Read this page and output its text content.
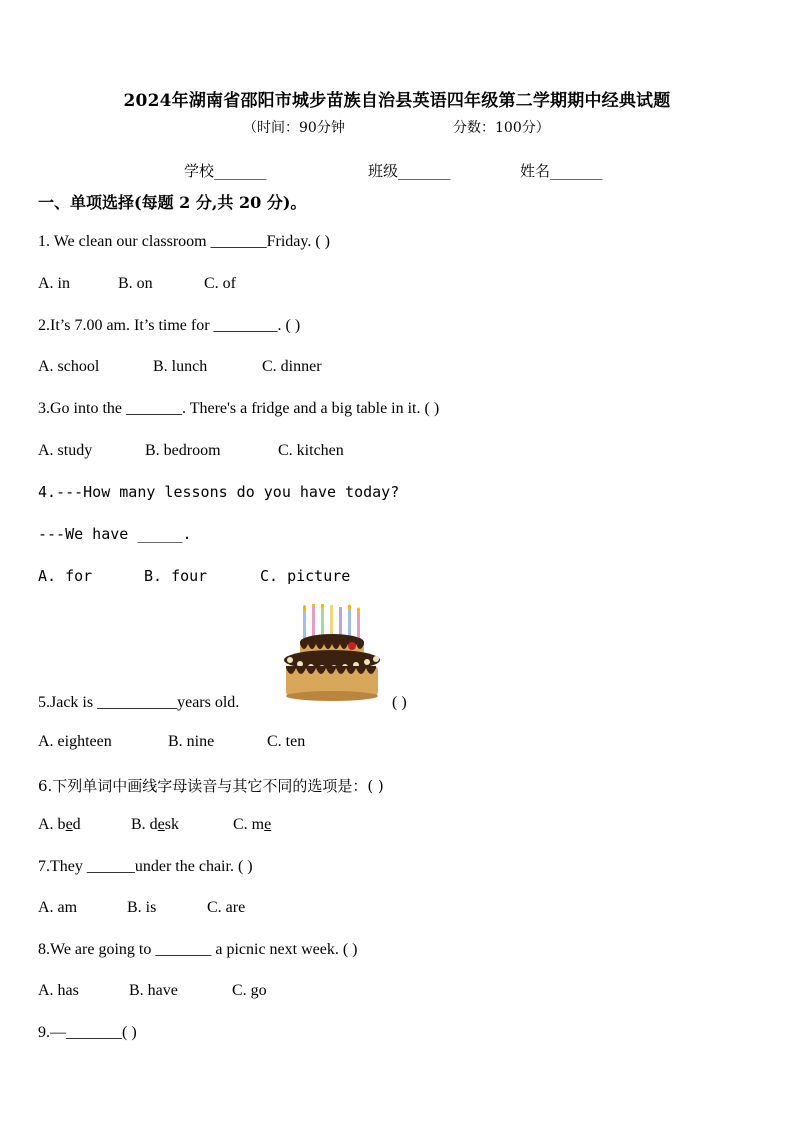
2024年湖南省邵阳市城步苗族自治县英语四年级第二学期期中经典试题
（时间：90分钟	分数：100分）
学校_______	班级_______	姓名_______
一、单项选择(每题 2 分,共 20 分)。
1. We clean our classroom _______Friday. ( )
A. in	B. on	C. of
2.It’s 7.00 am. It’s time for ________. ( )
A. school	B. lunch	C. dinner
3.Go into the _______. There's a fridge and a big table in it. ( )
A. study	B. bedroom	C. kitchen
4.---How many lessons do you have today?
---We have _____.
A. for	B. four	C. picture
5.Jack is __________years old.	( )
A. eighteen	B. nine	C. ten
6.下列单词中画线字母读音与其它不同的选项是：( )
A. bed	B. desk	C. me
7.They ______under the chair. ( )
A. am	B. is	C. are
8.We are going to _______ a picnic next week. ( )
A. has	B. have	C. go
9.—_______( )
